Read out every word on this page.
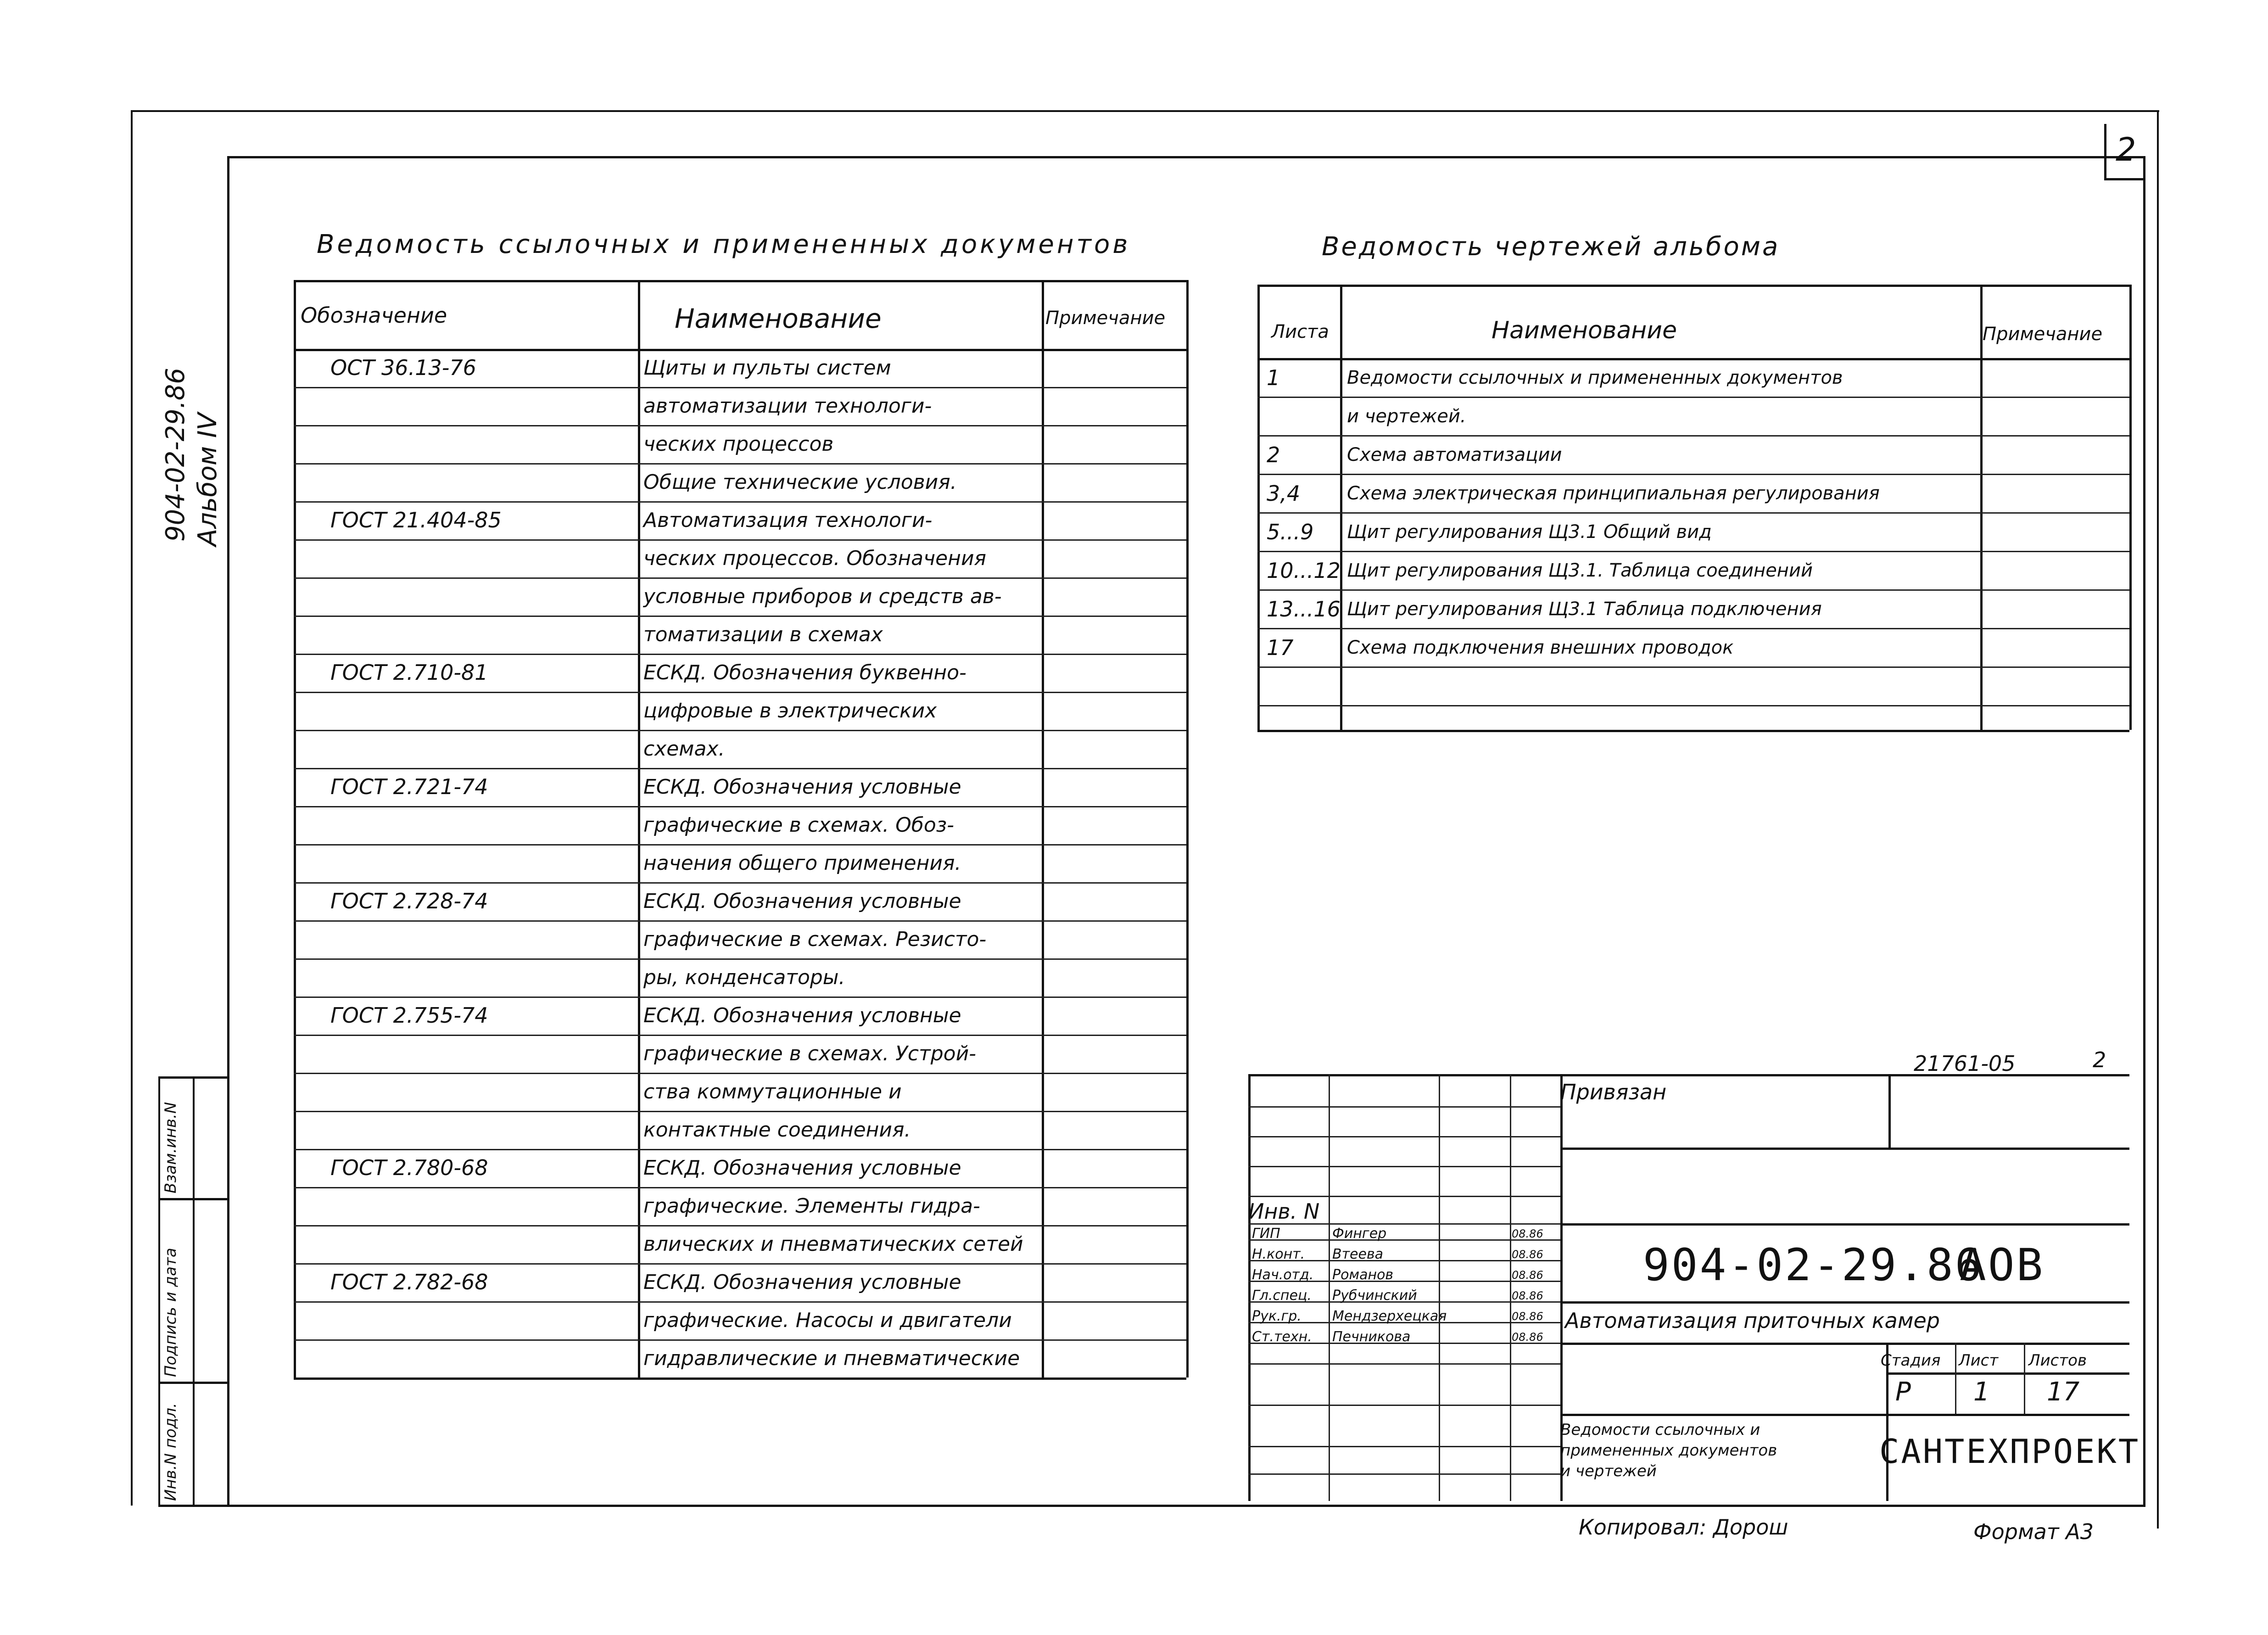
2
904-02-29.86 Альбом IV
Инв.N подл.
Подпись и дата
Взам.инв.N
Ведомость ссылочных и примененных документов
Обозначение	Наименование	Примечание
ОСТ 36.13-76	Щиты и пульты систем
автоматизации технологи-
ческих процессов
Общие технические условия.
ГОСТ 21.404-85	Автоматизация технологи-
ческих процессов. Обозначения
условные приборов и средств ав-
томатизации в схемах
ГОСТ 2.710-81	ЕСКД. Обозначения буквенно-
цифровые в электрических
схемах.
ГОСТ 2.721-74	ЕСКД. Обозначения условные
графические в схемах. Обоз-
начения общего применения.
ГОСТ 2.728-74	ЕСКД. Обозначения условные
графические в схемах. Резисто-
ры, конденсаторы.
ГОСТ 2.755-74	ЕСКД. Обозначения условные
графические в схемах. Устрой-
ства коммутационные и
контактные соединения.
ГОСТ 2.780-68	ЕСКД. Обозначения условные
графические. Элементы гидра-
влических и пневматических сетей
ГОСТ 2.782-68	ЕСКД. Обозначения условные
графические. Насосы и двигатели
гидравлические и пневматические
Ведомость чертежей альбома
Листа	Наименование	Примечание
1	Ведомости ссылочных и примененных документов
и чертежей.
2	Схема автоматизации
3,4	Схема электрическая принципиальная регулирования
5...9 Щит регулирования Щ3.1 Общий вид
10...12 Щит регулирования Щ3.1. Таблица соединений
13...16 Щит регулирования Щ3.1 Таблица подключения
17	Схема подключения внешних проводок
21761-05	2
ГИП	Фингер	08.86
Н.конт. Втеева	08.86
Нач.отд. Романов	08.86
Гл.спец. Рубчинский	08.86
Рук.гр. Мендзерхецкая	08.86
Ст.техн. Печникова	08.86
Привязан
Инв. N
904-02-29.86
АОВ
Автоматизация приточных камер
Стадия Лист Листов
Р 1 17
Ведомости ссылочных и
примененных документов
и чертежей
САНТЕХПРОЕКТ
Копировал: Дорош	Формат А3
